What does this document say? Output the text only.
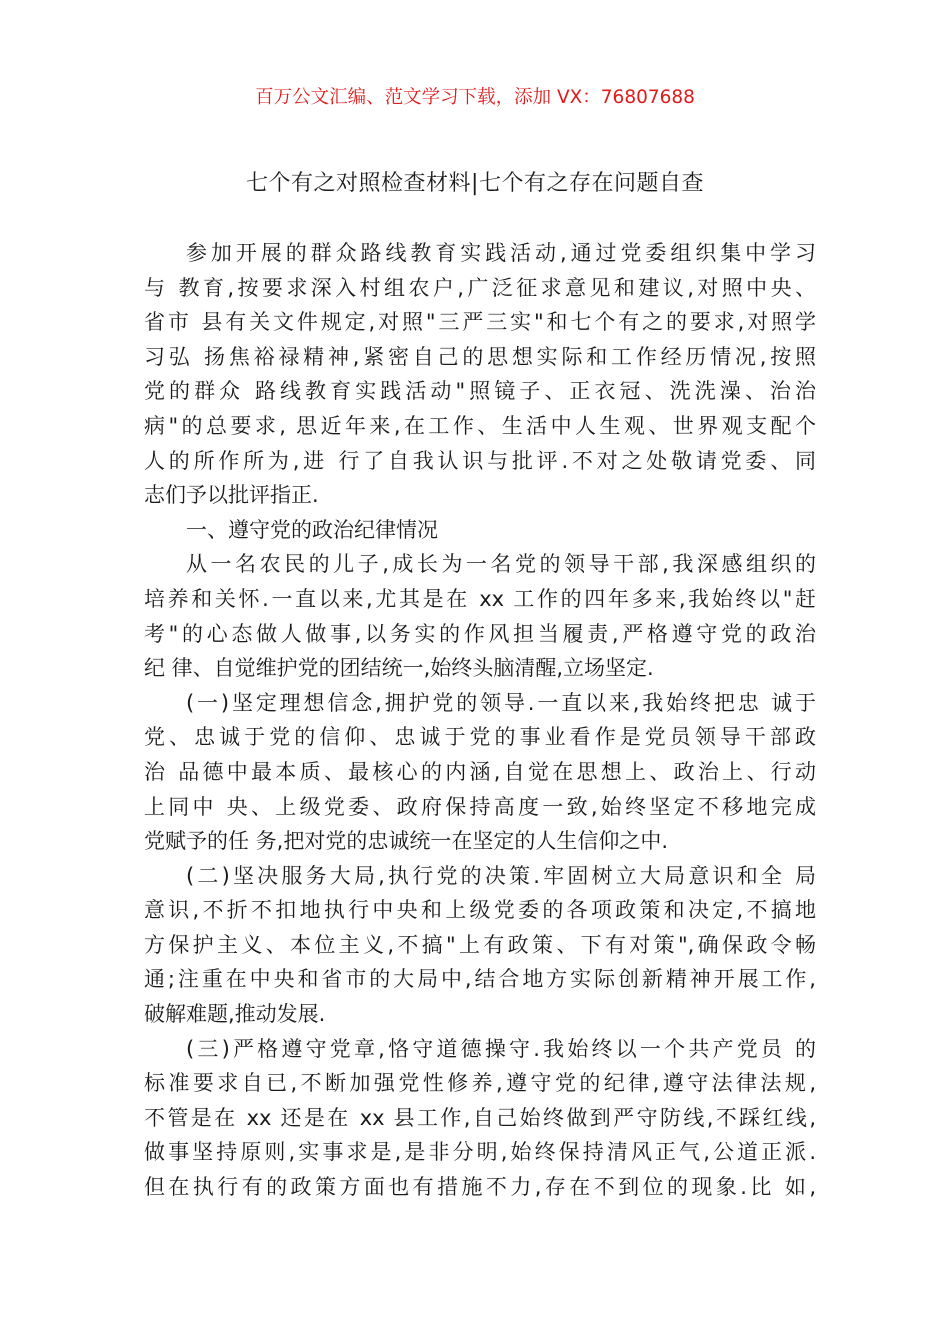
百万公文汇编、范文学习下载，添加 VX：76807688
七个有之对照检查材料|七个有之存在问题自查
参加开展的群众路线教育实践活动,通过党委组织集中学习
与 教育,按要求深入村组农户,广泛征求意见和建议,对照中央、
省市 县有关文件规定,对照"三严三实"和七个有之的要求,对照学
习弘 扬焦裕禄精神,紧密自己的思想实际和工作经历情况,按照
党的群众 路线教育实践活动"照镜子、正衣冠、洗洗澡、治治
病"的总要求, 思近年来,在工作、生活中人生观、世界观支配个
人的所作所为,进 行了自我认识与批评.不对之处敬请党委、同
志们予以批评指正.
一、遵守党的政治纪律情况
从一名农民的儿子,成长为一名党的领导干部,我深感组织的
培养和关怀.一直以来,尤其是在 xx 工作的四年多来,我始终以"赶
考"的心态做人做事,以务实的作风担当履责,严格遵守党的政治
纪 律、自觉维护党的团结统一,始终头脑清醒,立场坚定.
(一)坚定理想信念,拥护党的领导.一直以来,我始终把忠 诚于
党、忠诚于党的信仰、忠诚于党的事业看作是党员领导干部政
治 品德中最本质、最核心的内涵,自觉在思想上、政治上、行动
上同中 央、上级党委、政府保持高度一致,始终坚定不移地完成
党赋予的任 务,把对党的忠诚统一在坚定的人生信仰之中.
(二)坚决服务大局,执行党的决策.牢固树立大局意识和全 局
意识,不折不扣地执行中央和上级党委的各项政策和决定,不搞地
方保护主义、本位主义,不搞"上有政策、下有对策",确保政令畅
通;注重在中央和省市的大局中,结合地方实际创新精神开展工作,
破解难题,推动发展.
(三)严格遵守党章,恪守道德操守.我始终以一个共产党员 的
标准要求自已,不断加强党性修养,遵守党的纪律,遵守法律法规,
不管是在 xx 还是在 xx 县工作,自己始终做到严守防线,不踩红线,
做事坚持原则,实事求是,是非分明,始终保持清风正气,公道正派.
但在执行有的政策方面也有措施不力,存在不到位的现象.比 如,
